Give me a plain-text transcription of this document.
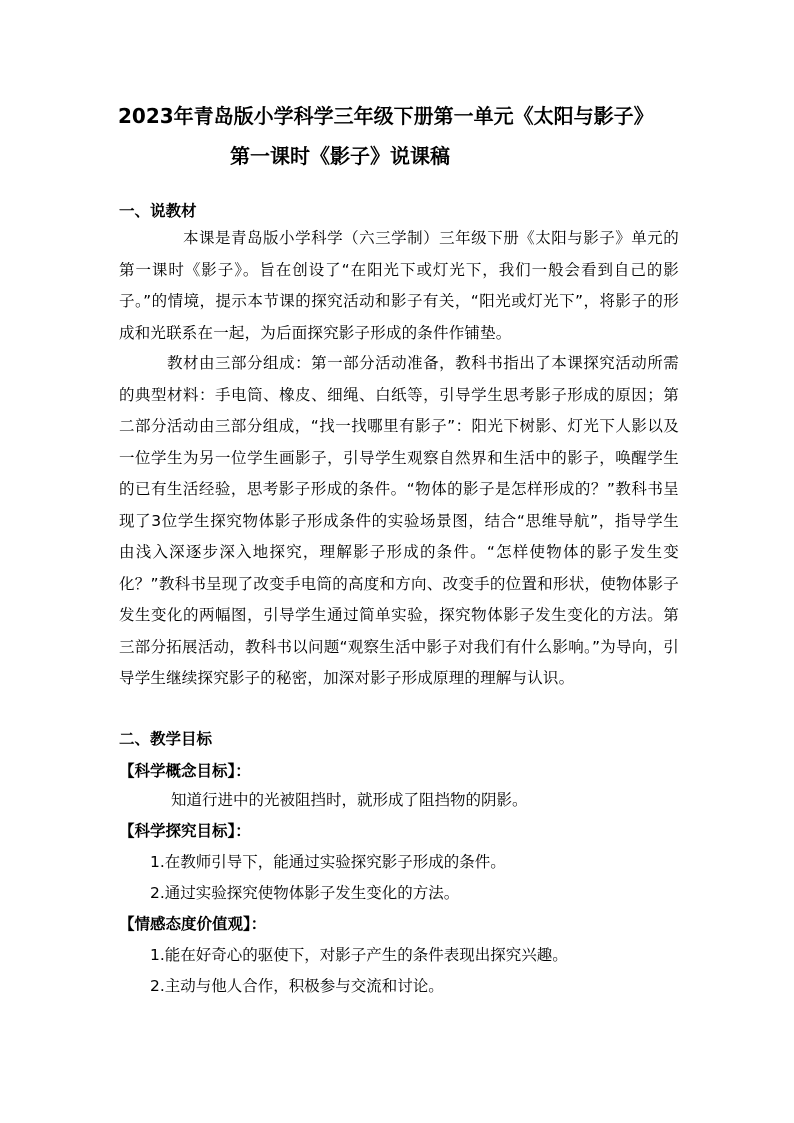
2023年青岛版小学科学三年级下册第一单元《太阳与影子》
第一课时《影子》说课稿
一、说教材
本课是青岛版小学科学（六三学制）三年级下册《太阳与影子》单元的第一课时《影子》。旨在创设了“在阳光下或灯光下，我们一般会看到自己的影子。”的情境，提示本节课的探究活动和影子有关，“阳光或灯光下”，将影子的形成和光联系在一起，为后面探究影子形成的条件作铺垫。
教材由三部分组成：第一部分活动准备，教科书指出了本课探究活动所需的典型材料：手电筒、橡皮、细绳、白纸等，引导学生思考影子形成的原因；第二部分活动由三部分组成，“找一找哪里有影子”：阳光下树影、灯光下人影以及一位学生为另一位学生画影子，引导学生观察自然界和生活中的影子，唤醒学生的已有生活经验，思考影子形成的条件。“物体的影子是怎样形成的？”教科书呈现了3位学生探究物体影子形成条件的实验场景图，结合“思维导航”，指导学生由浅入深逐步深入地探究，理解影子形成的条件。“怎样使物体的影子发生变化？”教科书呈现了改变手电筒的高度和方向、改变手的位置和形状，使物体影子发生变化的两幅图，引导学生通过简单实验，探究物体影子发生变化的方法。第三部分拓展活动，教科书以问题“观察生活中影子对我们有什么影响。”为导向，引导学生继续探究影子的秘密，加深对影子形成原理的理解与认识。
二、教学目标
【科学概念目标】：
知道行进中的光被阻挡时，就形成了阻挡物的阴影。
【科学探究目标】：
1.在教师引导下，能通过实验探究影子形成的条件。
2.通过实验探究使物体影子发生变化的方法。
【情感态度价值观】：
1.能在好奇心的驱使下，对影子产生的条件表现出探究兴趣。
2.主动与他人合作，积极参与交流和讨论。
